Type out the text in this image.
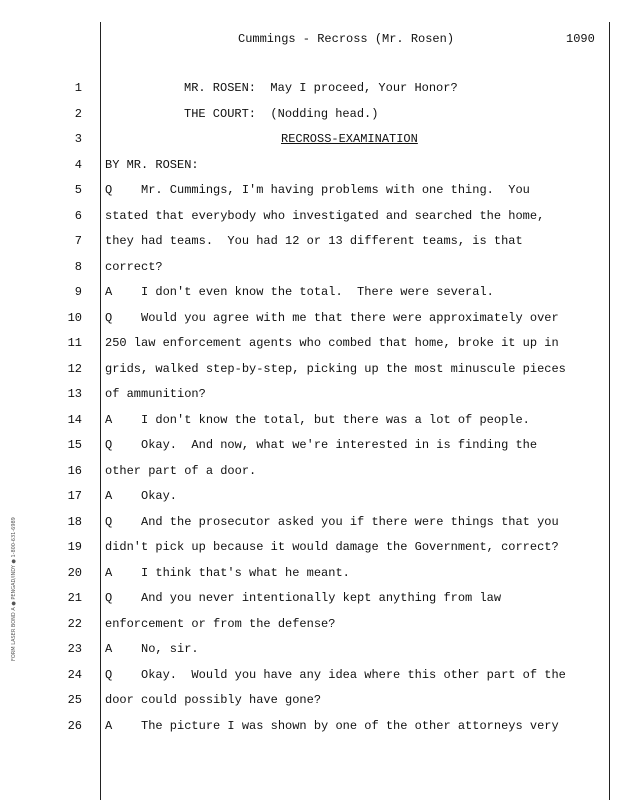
Cummings - Recross (Mr. Rosen)	1090
FORM LASER BOND A ● PENGAD/INDY ● 1-800-631-6989
1	MR. ROSEN:  May I proceed, Your Honor?
2	THE COURT:  (Nodding head.)
3	RECROSS-EXAMINATION
4 BY MR. ROSEN:
5 Q    Mr. Cummings, I'm having problems with one thing.  You
6 stated that everybody who investigated and searched the home,
7 they had teams.  You had 12 or 13 different teams, is that
8 correct?
9 A    I don't even know the total.  There were several.
10 Q    Would you agree with me that there were approximately over
11 250 law enforcement agents who combed that home, broke it up in
12 grids, walked step-by-step, picking up the most minuscule pieces
13 of ammunition?
14 A    I don't know the total, but there was a lot of people.
15 Q    Okay.  And now, what we're interested in is finding the
16 other part of a door.
17 A    Okay.
18 Q    And the prosecutor asked you if there were things that you
19 didn't pick up because it would damage the Government, correct?
20 A    I think that's what he meant.
21 Q    And you never intentionally kept anything from law
22 enforcement or from the defense?
23 A    No, sir.
24 Q    Okay.  Would you have any idea where this other part of the
25 door could possibly have gone?
26 A    The picture I was shown by one of the other attorneys very
